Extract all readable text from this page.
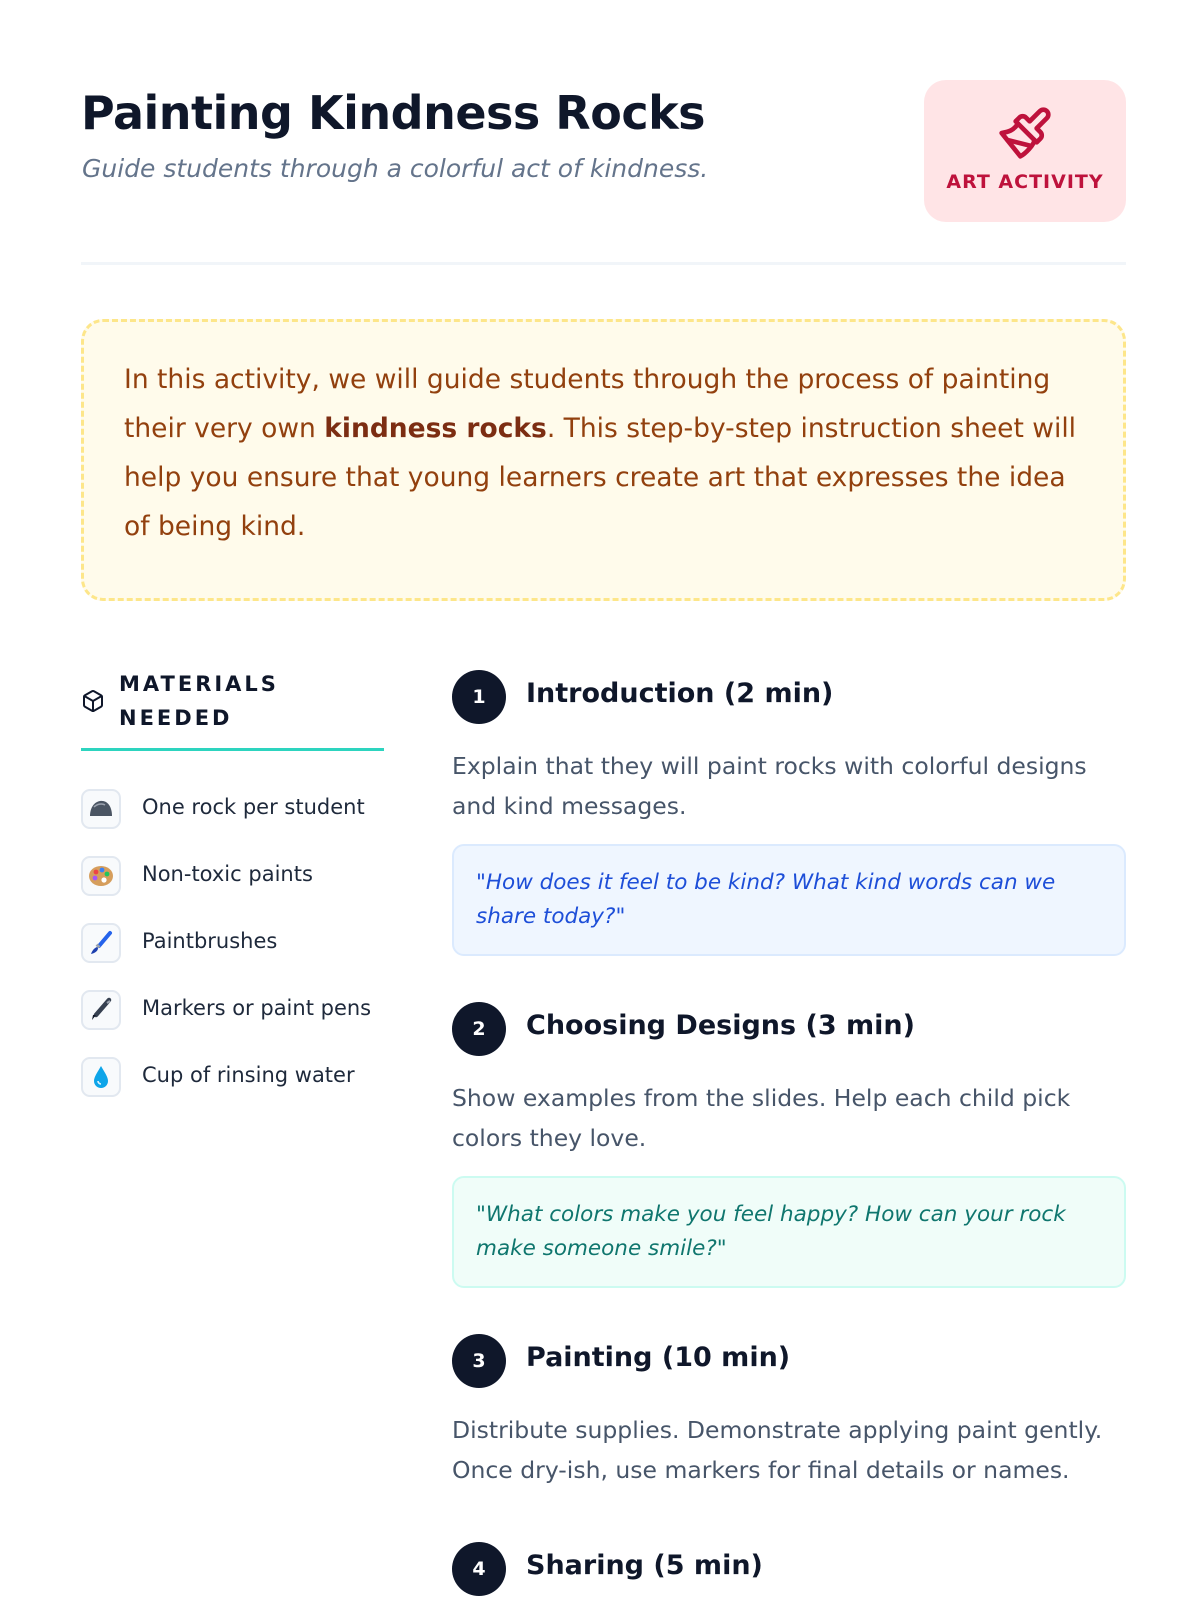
Painting Kindness Rocks

Guide students through a colorful act of kindness.	ART ACTIVITY

In this activity, we will guide students through the process of painting their very own kindness rocks. This step-by-step instruction sheet will help you ensure that young learners create art that expresses the idea of being kind.

MATERIALS
NEEDED
One rock per student
Non-toxic paints
Paintbrushes
Markers or paint pens
Cup of rinsing water
1	Introduction (2 min)

Explain that they will paint rocks with colorful designs and kind messages.

"How does it feel to be kind? What kind words can we share today?"
2	Choosing Designs (3 min)

Show examples from the slides. Help each child pick colors they love.

"What colors make you feel happy? How can your rock make someone smile?"
3	Painting (10 min)

Distribute supplies. Demonstrate applying paint gently. Once dry-ish, use markers for final details or names.

4	Sharing (5 min)
